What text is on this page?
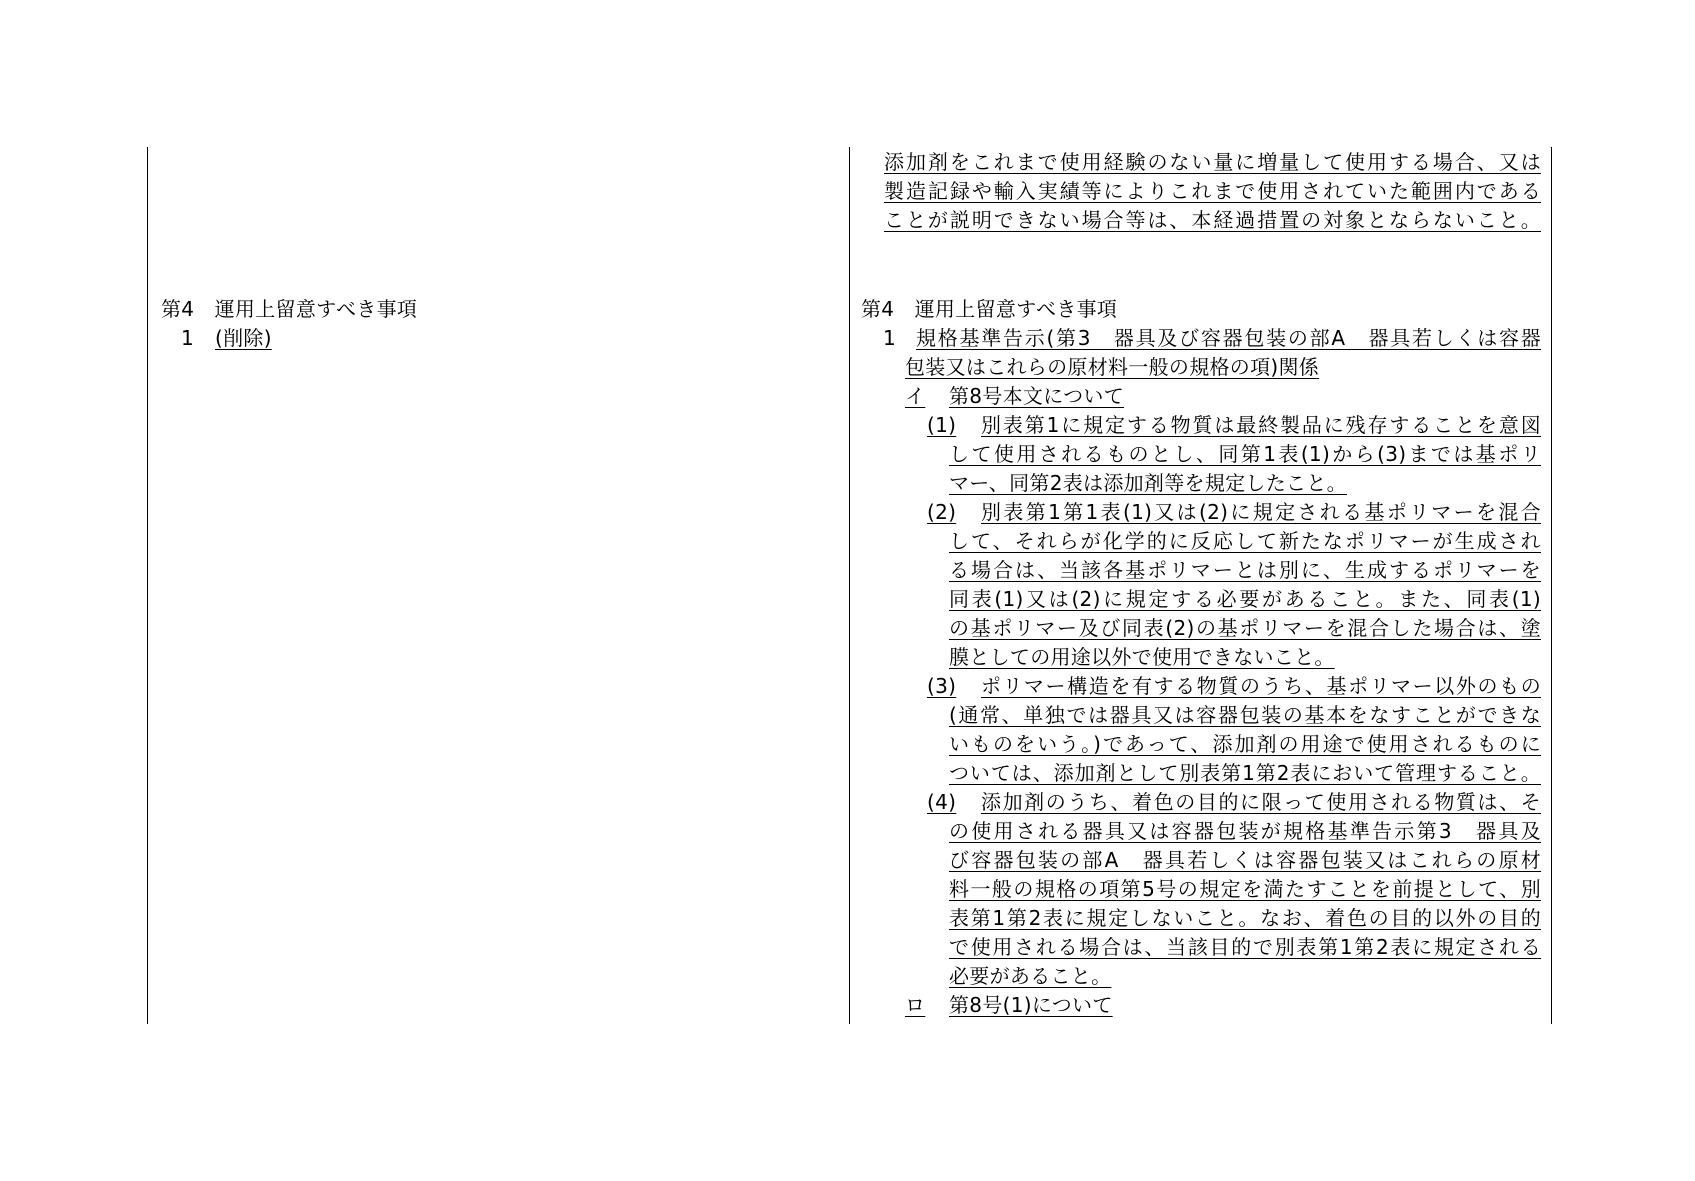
第4　運用上留意すべき事項
1 (削除)
添加剤をこれまで使用経験のない量に増量して使用する場合、又は
製造記録や輸入実績等によりこれまで使用されていた範囲内である
ことが説明できない場合等は、本経過措置の対象とならないこと。
第4　運用上留意すべき事項
1 規格基準告示(第3　器具及び容器包装の部A　器具若しくは容器
包装又はこれらの原材料一般の規格の項)関係
イ 第8号本文について
(1) 別表第1に規定する物質は最終製品に残存することを意図
して使用されるものとし、同第1表(1)から(3)までは基ポリ
マー、同第2表は添加剤等を規定したこと。
(2) 別表第1第1表(1)又は(2)に規定される基ポリマーを混合
して、それらが化学的に反応して新たなポリマーが生成され
る場合は、当該各基ポリマーとは別に、生成するポリマーを
同表(1)又は(2)に規定する必要があること。また、同表(1)
の基ポリマー及び同表(2)の基ポリマーを混合した場合は、塗
膜としての用途以外で使用できないこと。
(3) ポリマー構造を有する物質のうち、基ポリマー以外のもの
(通常、単独では器具又は容器包装の基本をなすことができな
いものをいう。)であって、添加剤の用途で使用されるものに
ついては、添加剤として別表第1第2表において管理すること。
(4) 添加剤のうち、着色の目的に限って使用される物質は、そ
の使用される器具又は容器包装が規格基準告示第3　器具及
び容器包装の部A　器具若しくは容器包装又はこれらの原材
料一般の規格の項第5号の規定を満たすことを前提として、別
表第1第2表に規定しないこと。なお、着色の目的以外の目的
で使用される場合は、当該目的で別表第1第2表に規定される
必要があること。
ロ 第8号(1)について
